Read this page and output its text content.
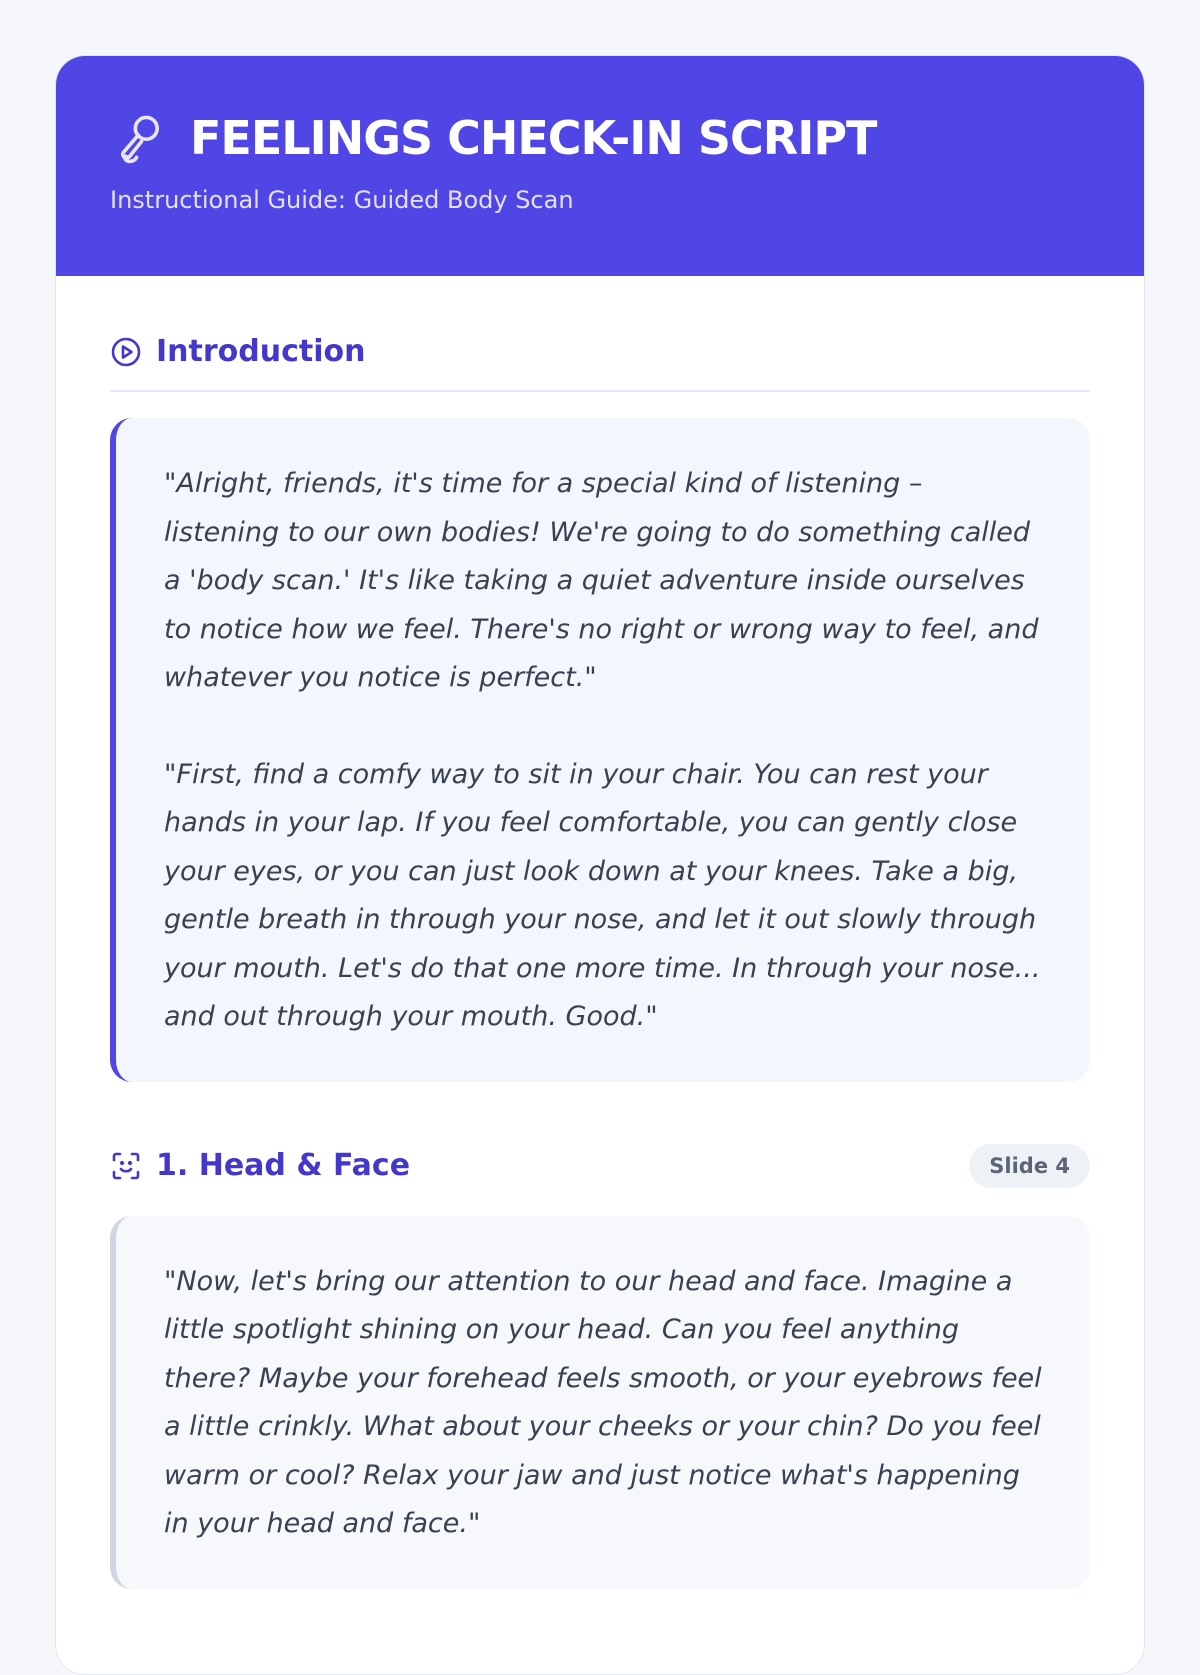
FEELINGS CHECK-IN SCRIPT
Instructional Guide: Guided Body Scan
Introduction

"Alright, friends, it's time for a special kind of listening – listening to our own bodies! We're going to do something called a 'body scan.' It's like taking a quiet adventure inside ourselves to notice how we feel. There's no right or wrong way to feel, and whatever you notice is perfect."

"First, find a comfy way to sit in your chair. You can rest your hands in your lap. If you feel comfortable, you can gently close your eyes, or you can just look down at your knees. Take a big, gentle breath in through your nose, and let it out slowly through your mouth. Let's do that one more time. In through your nose... and out through your mouth. Good."

1. Head & Face	Slide 4

"Now, let's bring our attention to our head and face. Imagine a little spotlight shining on your head. Can you feel anything there? Maybe your forehead feels smooth, or your eyebrows feel a little crinkly. What about your cheeks or your chin? Do you feel warm or cool? Relax your jaw and just notice what's happening in your head and face."
